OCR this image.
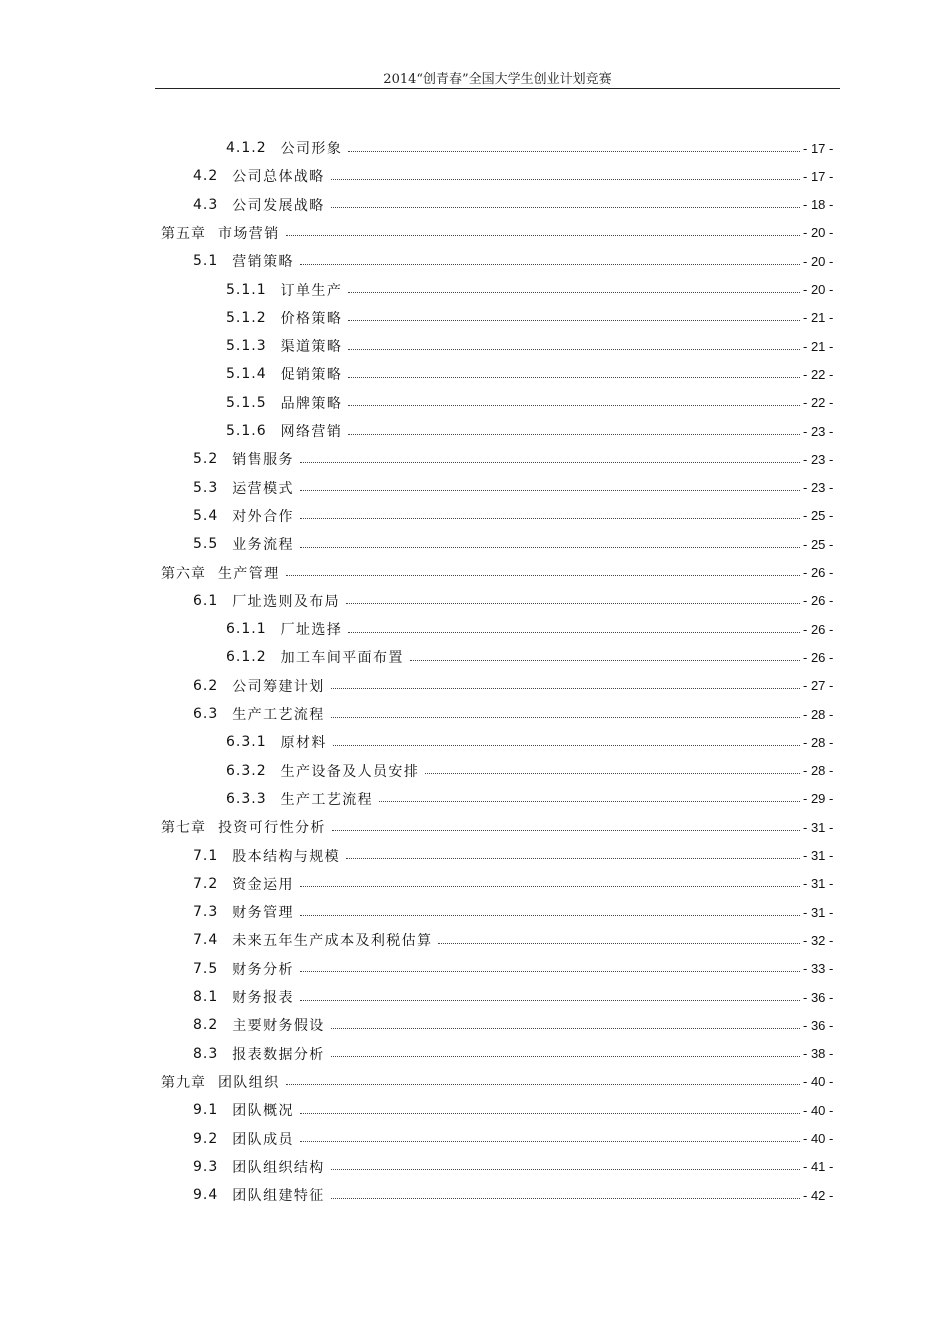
2014“创青春”全国大学生创业计划竞赛
4.1.2 公司形象	- 17 -
4.2 公司总体战略	- 17 -
4.3 公司发展战略	- 18 -
第五章 市场营销	- 20 -
5.1 营销策略	- 20 -
5.1.1 订单生产	- 20 -
5.1.2 价格策略	- 21 -
5.1.3 渠道策略	- 21 -
5.1.4 促销策略	- 22 -
5.1.5 品牌策略	- 22 -
5.1.6 网络营销	- 23 -
5.2 销售服务	- 23 -
5.3 运营模式	- 23 -
5.4 对外合作	- 25 -
5.5 业务流程	- 25 -
第六章 生产管理	- 26 -
6.1 厂址选则及布局	- 26 -
6.1.1 厂址选择	- 26 -
6.1.2 加工车间平面布置	- 26 -
6.2 公司筹建计划	- 27 -
6.3 生产工艺流程	- 28 -
6.3.1 原材料	- 28 -
6.3.2 生产设备及人员安排	- 28 -
6.3.3 生产工艺流程	- 29 -
第七章 投资可行性分析	- 31 -
7.1 股本结构与规模	- 31 -
7.2 资金运用	- 31 -
7.3 财务管理	- 31 -
7.4 未来五年生产成本及利税估算	- 32 -
7.5 财务分析	- 33 -
8.1 财务报表	- 36 -
8.2 主要财务假设	- 36 -
8.3 报表数据分析	- 38 -
第九章 团队组织	- 40 -
9.1 团队概况	- 40 -
9.2 团队成员	- 40 -
9.3 团队组织结构	- 41 -
9.4 团队组建特征	- 42 -
